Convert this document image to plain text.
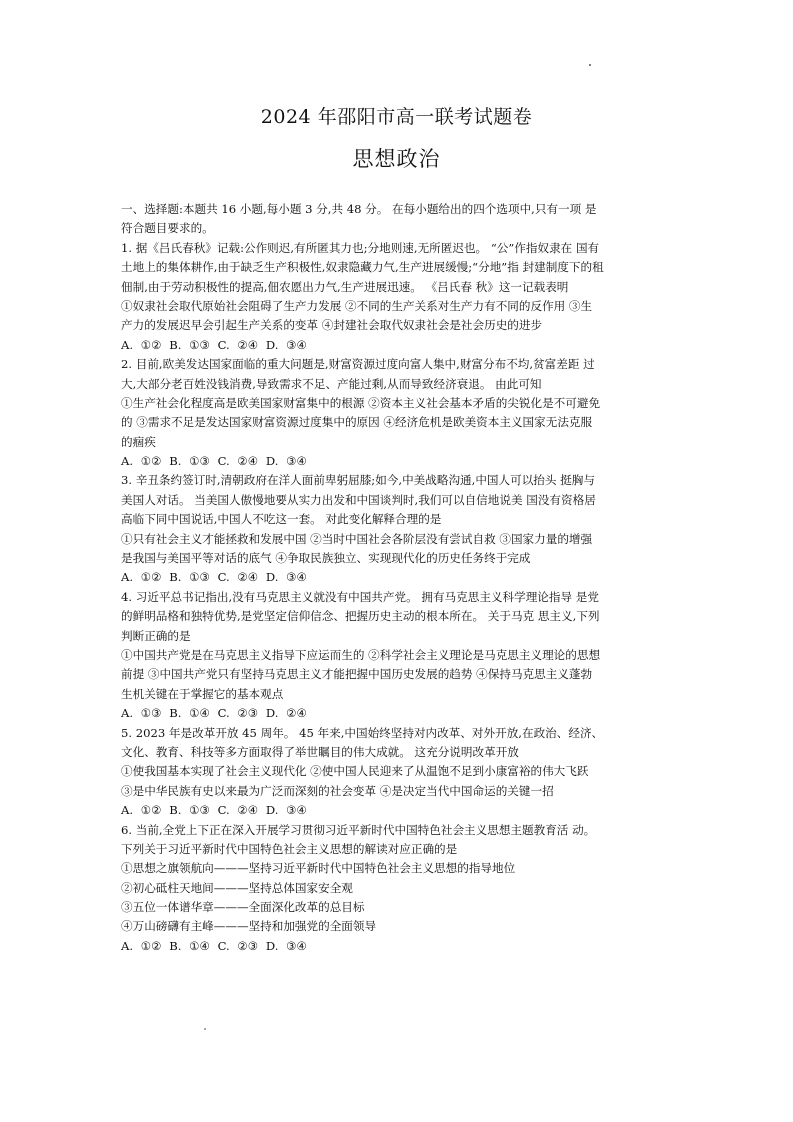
2024 年邵阳市高一联考试题卷
思想政治
一、选择题:本题共 16 小题,每小题 3 分,共 48 分。 在每小题给出的四个选项中,只有一项 是
符合题目要求的。
1. 据《吕氏春秋》记载:公作则迟,有所匿其力也;分地则速,无所匿迟也。 “公”作指奴隶在 国有
土地上的集体耕作,由于缺乏生产积极性,奴隶隐藏力气,生产进展缓慢;“分地”指 封建制度下的租
佃制,由于劳动积极性的提高,佃农愿出力气,生产进展迅速。 《吕氏春 秋》这一记载表明
①奴隶社会取代原始社会阻碍了生产力发展 ②不同的生产关系对生产力有不同的反作用 ③生
产力的发展迟早会引起生产关系的变革 ④封建社会取代奴隶社会是社会历史的进步
A. ①② B. ①③ C. ②④ D. ③④
2. 目前,欧美发达国家面临的重大问题是,财富资源过度向富人集中,财富分布不均,贫富差距 过
大,大部分老百姓没钱消费,导致需求不足、产能过剩,从而导致经济衰退。 由此可知
①生产社会化程度高是欧美国家财富集中的根源 ②资本主义社会基本矛盾的尖锐化是不可避免
的 ③需求不足是发达国家财富资源过度集中的原因 ④经济危机是欧美资本主义国家无法克服
的痼疾
A. ①② B. ①③ C. ②④ D. ③④
3. 辛丑条约签订时,清朝政府在洋人面前卑躬屈膝;如今,中美战略沟通,中国人可以抬头 挺胸与
美国人对话。 当美国人傲慢地要从实力出发和中国谈判时,我们可以自信地说美 国没有资格居
高临下同中国说话,中国人不吃这一套。 对此变化解释合理的是
①只有社会主义才能拯救和发展中国 ②当时中国社会各阶层没有尝试自救 ③国家力量的增强
是我国与美国平等对话的底气 ④争取民族独立、实现现代化的历史任务终于完成
A. ①② B. ①③ C. ②④ D. ③④
4. 习近平总书记指出,没有马克思主义就没有中国共产党。 拥有马克思主义科学理论指导 是党
的鲜明品格和独特优势,是党坚定信仰信念、把握历史主动的根本所在。 关于马克 思主义,下列
判断正确的是
①中国共产党是在马克思主义指导下应运而生的 ②科学社会主义理论是马克思主义理论的思想
前提 ③中国共产党只有坚持马克思主义才能把握中国历史发展的趋势 ④保持马克思主义蓬勃
生机关键在于掌握它的基本观点
A. ①③ B. ①④ C. ②③ D. ②④
5. 2023 年是改革开放 45 周年。 45 年来,中国始终坚持对内改革、对外开放,在政治、经济、
文化、教育、科技等多方面取得了举世瞩目的伟大成就。 这充分说明改革开放
①使我国基本实现了社会主义现代化 ②使中国人民迎来了从温饱不足到小康富裕的伟大飞跃
③是中华民族有史以来最为广泛而深刻的社会变革 ④是决定当代中国命运的关键一招
A. ①② B. ①③ C. ②④ D. ③④
6. 当前,全党上下正在深入开展学习贯彻习近平新时代中国特色社会主义思想主题教育活 动。
下列关于习近平新时代中国特色社会主义思想的解读对应正确的是
①思想之旗领航向———坚持习近平新时代中国特色社会主义思想的指导地位
②初心砥柱天地间———坚持总体国家安全观
③五位一体谱华章———全面深化改革的总目标
④万山磅礴有主峰———坚持和加强党的全面领导
A. ①② B. ①④ C. ②③ D. ③④
